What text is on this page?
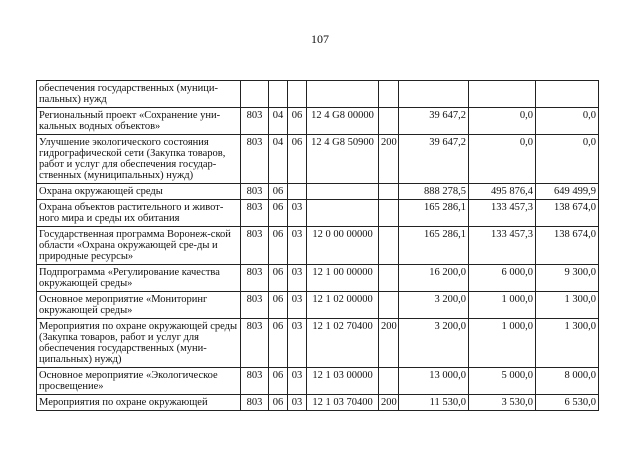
107
обеспечения государственных (муници-пальных) нужд								
Региональный проект «Сохранение уни-кальных водных объектов»	803	04	06	12 4 G8 00000		39 647,2	0,0	0,0
Улучшение экологического состояния гидрографической сети (Закупка товаров, работ и услуг для обеспечения государ-ственных (муниципальных) нужд)	803	04	06	12 4 G8 50900	200	39 647,2	0,0	0,0
Охрана окружающей среды	803	06				888 278,5	495 876,4	649 499,9
Охрана объектов растительного и живот-ного мира и среды их обитания	803	06	03			165 286,1	133 457,3	138 674,0
Государственная программа Воронеж-ской области «Охрана окружающей сре-ды и природные ресурсы»	803	06	03	12 0 00 00000		165 286,1	133 457,3	138 674,0
Подпрограмма «Регулирование качества окружающей среды»	803	06	03	12 1 00 00000		16 200,0	6 000,0	9 300,0
Основное мероприятие «Мониторинг окружающей среды»	803	06	03	12 1 02 00000		3 200,0	1 000,0	1 300,0
Мероприятия по охране окружающей среды (Закупка товаров, работ и услуг для обеспечения государственных (муни-ципальных) нужд)	803	06	03	12 1 02 70400	200	3 200,0	1 000,0	1 300,0
Основное мероприятие «Экологическое просвещение»	803	06	03	12 1 03 00000		13 000,0	5 000,0	8 000,0
Мероприятия по охране окружающей	803	06	03	12 1 03 70400	200	11 530,0	3 530,0	6 530,0
